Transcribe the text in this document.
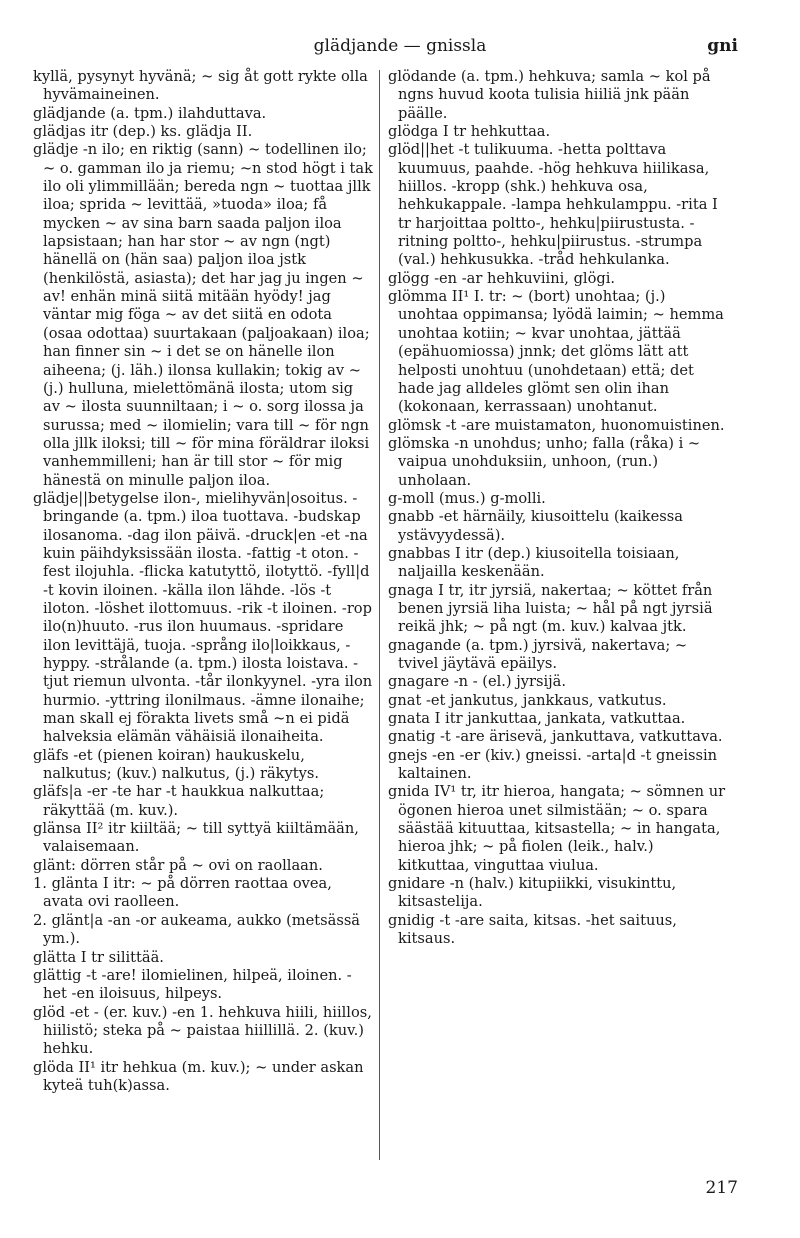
glädjande — gnissla	gni

kyllä, pysynyt hyvänä; ~ sig åt gott rykte olla hyvämaineinen.

glädjande (a. tpm.) ilahduttava.

glädjas itr (dep.) ks. glädja II.

glädje -n ilo; en riktig (sann) ~ todellinen ilo; ~ o. gamman ilo ja riemu; ~n stod högt i tak ilo oli ylimmillään; bereda ngn ~ tuottaa jllk iloa; sprida ~ levittää, »tuoda» iloa; få mycken ~ av sina barn saada paljon iloa lapsistaan; han har stor ~ av ngn (ngt) hänellä on (hän saa) paljon iloa jstk (henkilöstä, asiasta); det har jag ju ingen ~ av! enhän minä siitä mitään hyödy! jag väntar mig föga ~ av det siitä en odota (osaa odottaa) suurtakaan (paljoakaan) iloa; han finner sin ~ i det se on hänelle ilon aiheena; (j. läh.) ilonsa kullakin; tokig av ~ (j.) hulluna, mielettömänä ilosta; utom sig av ~ ilosta suunniltaan; i ~ o. sorg ilossa ja surussa; med ~ ilomielin; vara till ~ för ngn olla jllk iloksi; till ~ för mina föräldrar iloksi vanhemmilleni; han är till stor ~ för mig hänestä on minulle paljon iloa.

glädje||betygelse ilon-, mielihyvän|osoitus. -bringande (a. tpm.) iloa tuottava. -budskap ilosanoma. -dag ilon päivä. -druck|en -et -na kuin päihdyksissään ilosta. -fattig -t oton. -fest ilojuhla. -flicka katutyttö, ilotyttö. -fyll|d -t kovin iloinen. -källa ilon lähde. -lös -t iloton. -löshet ilottomuus. -rik -t iloinen. -rop ilo(n)huuto. -rus ilon huumaus. -spridare ilon levittäjä, tuoja. -språng ilo|loikkaus, -hyppy. -strålande (a. tpm.) ilosta loistava. -tjut riemun ulvonta. -tår ilonkyynel. -yra ilon hurmio. -yttring ilonilmaus. -ämne ilonaihe; man skall ej förakta livets små ~n ei pidä halveksia elämän vähäisiä ilonaiheita.

gläfs -et (pienen koiran) haukuskelu, nalkutus; (kuv.) nalkutus, (j.) räkytys.

gläfs|a -er -te har -t haukkua nalkuttaa; räkyttää (m. kuv.).

glänsa II² itr kiiltää; ~ till syttyä kiiltämään, valaisemaan.

glänt: dörren står på ~ ovi on raollaan.

1. glänta I itr: ~ på dörren raottaa ovea, avata ovi raolleen.

2. glänt|a -an -or aukeama, aukko (metsässä ym.).

glätta I tr silittää.

glättig -t -are! ilomielinen, hilpeä, iloinen. -het -en iloisuus, hilpeys.

glöd -et - (er. kuv.) -en 1. hehkuva hiili, hiillos, hiilistö; steka på ~ paistaa hiillillä. 2. (kuv.) hehku.

glöda II¹ itr hehkua (m. kuv.); ~ under askan kyteä tuh(k)assa.

glödande (a. tpm.) hehkuva; samla ~ kol på ngns huvud koota tulisia hiiliä jnk pään päälle.

glödga I tr hehkuttaa.

glöd||het -t tulikuuma. -hetta polttava kuumuus, paahde. -hög hehkuva hiilikasa, hiillos. -kropp (shk.) hehkuva osa, hehkukappale. -lampa hehkulamppu. -rita I tr harjoittaa poltto-, hehku|piirustusta. -ritning poltto-, hehku|piirustus. -strumpa (val.) hehkusukka. -tråd hehkulanka.

glögg -en -ar hehkuviini, glögi.

glömma II¹ I. tr: ~ (bort) unohtaa; (j.) unohtaa oppimansa; lyödä laimin; ~ hemma unohtaa kotiin; ~ kvar unohtaa, jättää (epähuomiossa) jnnk; det glöms lätt att helposti unohtuu (unohdetaan) että; det hade jag alldeles glömt sen olin ihan (kokonaan, kerrassaan) unohtanut.

glömsk -t -are muistamaton, huonomuistinen.

glömska -n unohdus; unho; falla (råka) i ~ vaipua unohduksiin, unhoon, (run.) unholaan.

g-moll (mus.) g-molli.

gnabb -et härnäily, kiusoittelu (kaikessa ystävyydessä).

gnabbas I itr (dep.) kiusoitella toisiaan, naljailla keskenään.

gnaga I tr, itr jyrsiä, nakertaa; ~ köttet från benen jyrsiä liha luista; ~ hål på ngt jyrsiä reikä jhk; ~ på ngt (m. kuv.) kalvaa jtk.

gnagande (a. tpm.) jyrsivä, nakertava; ~ tvivel jäytävä epäilys.

gnagare -n - (el.) jyrsijä.

gnat -et jankutus, jankkaus, vatkutus.

gnata I itr jankuttaa, jankata, vatkuttaa.

gnatig -t -are ärisevä, jankuttava, vatkuttava.

gnejs -en -er (kiv.) gneissi. -arta|d -t gneissin kaltainen.

gnida IV¹ tr, itr hieroa, hangata; ~ sömnen ur ögonen hieroa unet silmistään; ~ o. spara säästää kituuttaa, kitsastella; ~ in hangata, hieroa jhk; ~ på fiolen (leik., halv.) kitkuttaa, vinguttaa viulua.

gnidare -n (halv.) kitupiikki, visukinttu, kitsastelija.

gnidig -t -are saita, kitsas. -het saituus, kitsaus.

217
